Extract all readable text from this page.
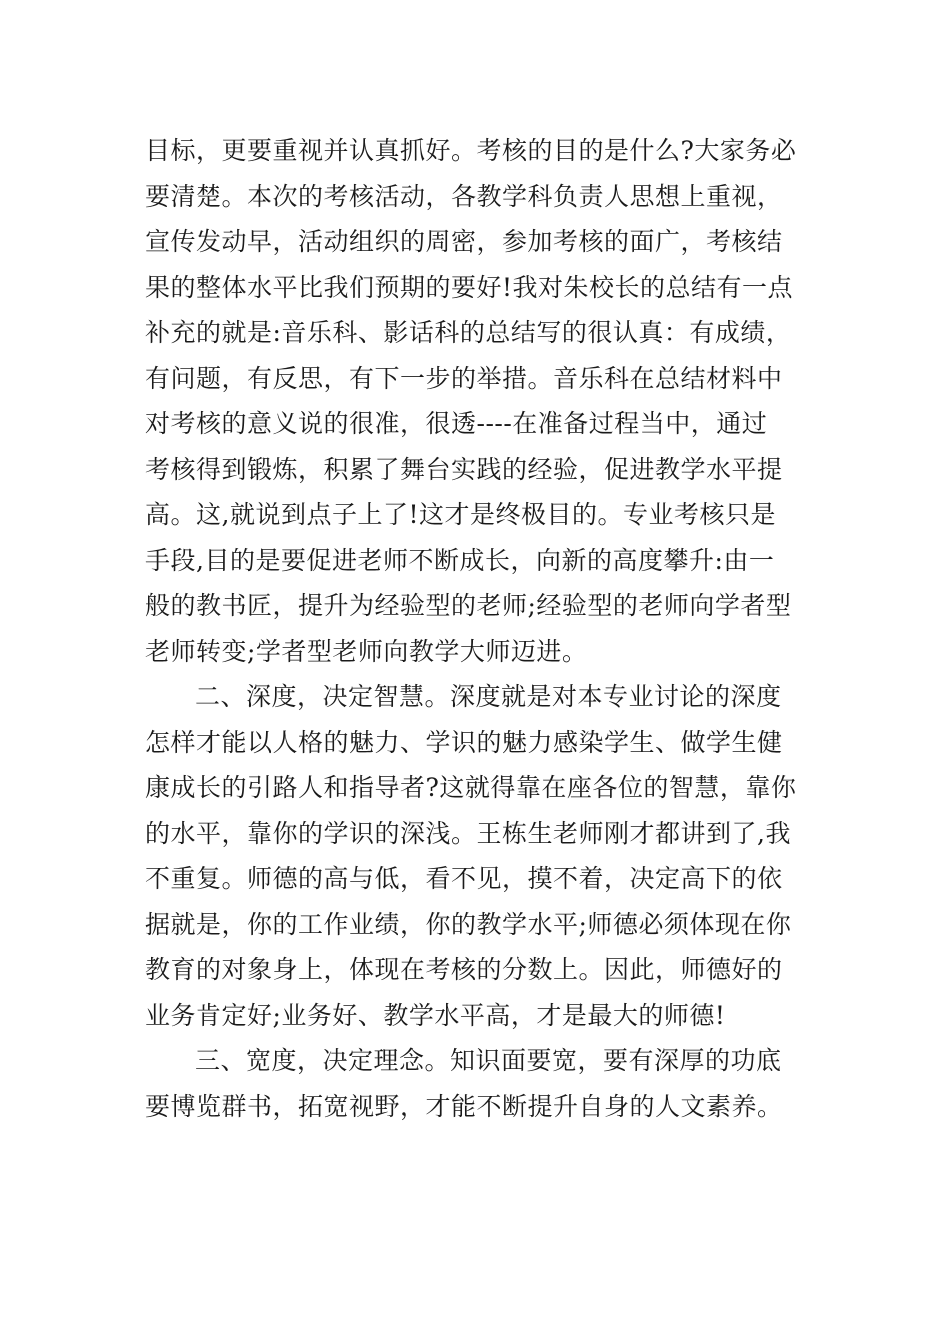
目标，更要重视并认真抓好。考核的目的是什么?大家务必
要清楚。本次的考核活动，各教学科负责人思想上重视，
宣传发动早，活动组织的周密，参加考核的面广，考核结
果的整体水平比我们预期的要好!我对朱校长的总结有一点
补充的就是:音乐科、影话科的总结写的很认真：有成绩，
有问题，有反思，有下一步的举措。音乐科在总结材料中
对考核的意义说的很准，很透----在准备过程当中，通过
考核得到锻炼，积累了舞台实践的经验，促进教学水平提
高。这,就说到点子上了!这才是终极目的。专业考核只是
手段,目的是要促进老师不断成长，向新的高度攀升:由一
般的教书匠，提升为经验型的老师;经验型的老师向学者型
老师转变;学者型老师向教学大师迈进。
二、深度，决定智慧。深度就是对本专业讨论的深度
怎样才能以人格的魅力、学识的魅力感染学生、做学生健
康成长的引路人和指导者?这就得靠在座各位的智慧，靠你
的水平，靠你的学识的深浅。王栋生老师刚才都讲到了,我
不重复。师德的高与低，看不见，摸不着，决定高下的依
据就是，你的工作业绩，你的教学水平;师德必须体现在你
教育的对象身上，体现在考核的分数上。因此，师德好的
业务肯定好;业务好、教学水平高，才是最大的师德!
三、宽度，决定理念。知识面要宽，要有深厚的功底
要博览群书，拓宽视野，才能不断提升自身的人文素养。
